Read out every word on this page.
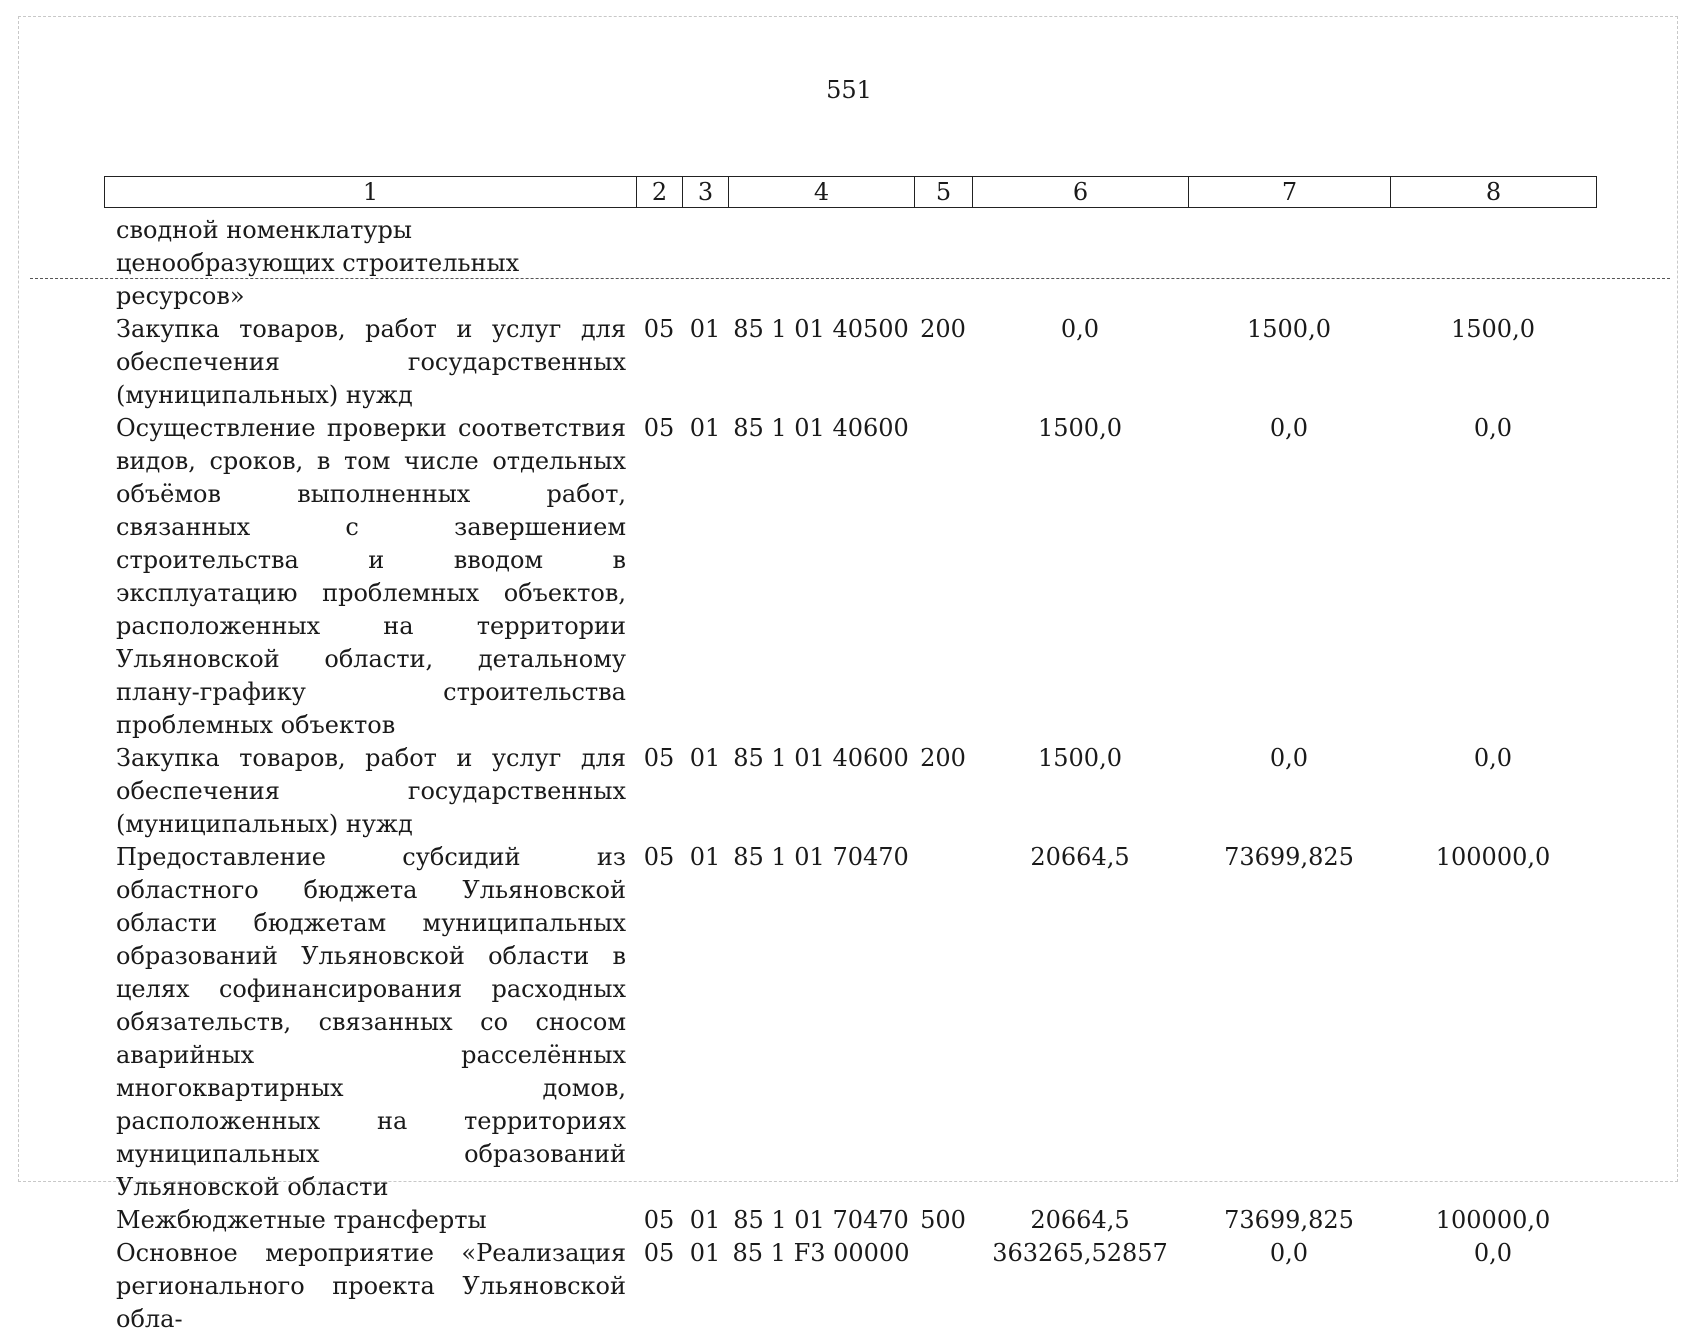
551
1	2	3	4	5	6	7	8
сводной номенклатуры ценообразующих строительных ресурсов»							
Закупка товаров, работ и услуг для обеспечения государственных (муниципальных) нужд	05	01	85 1 01 40500	200	0,0	1500,0	1500,0
Осуществление проверки соответствия видов, сроков, в том числе отдельных объёмов выполненных работ, связанных с завершением строительства и вводом в эксплуатацию проблемных объектов, расположенных на территории Ульяновской области, детальному плану-графику строительства проблемных объектов	05	01	85 1 01 40600		1500,0	0,0	0,0
Закупка товаров, работ и услуг для обеспечения государственных (муниципальных) нужд	05	01	85 1 01 40600	200	1500,0	0,0	0,0
Предоставление субсидий из областного бюджета Ульяновской области бюджетам муниципальных образований Ульяновской области в целях софинансирования расходных обязательств, связанных со сносом аварийных расселённых многоквартирных домов, расположенных на территориях муниципальных образований Ульяновской области	05	01	85 1 01 70470		20664,5	73699,825	100000,0
Межбюджетные трансферты	05	01	85 1 01 70470	500	20664,5	73699,825	100000,0
Основное мероприятие «Реализация регионального проекта Ульяновской обла-	05	01	85 1 F3 00000		363265,52857	0,0	0,0
